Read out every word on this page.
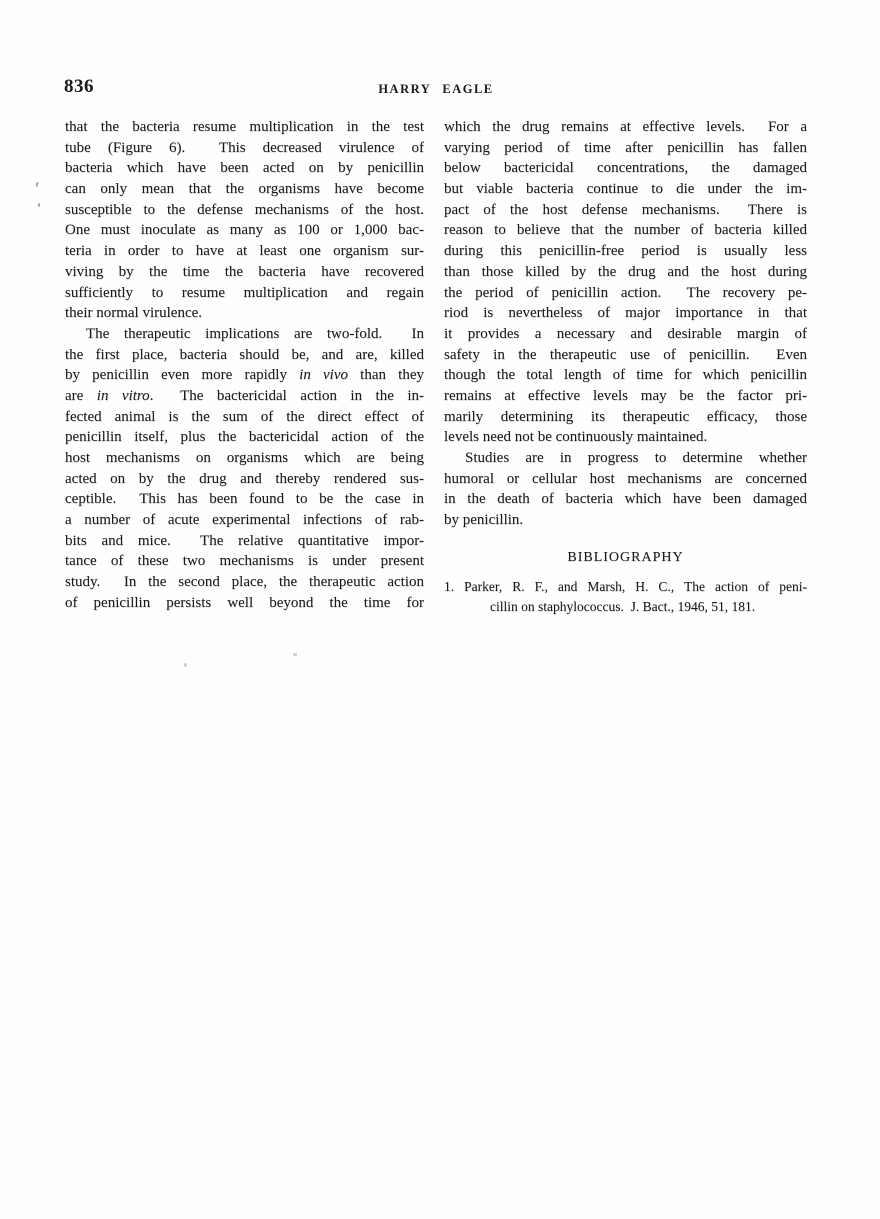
836	HARRY EAGLE
that the bacteria resume multiplication in the test
tube (Figure 6).  This decreased virulence of
bacteria which have been acted on by penicillin
can only mean that the organisms have become
susceptible to the defense mechanisms of the host.
One must inoculate as many as 100 or 1,000 bac-
teria in order to have at least one organism sur-
viving by the time the bacteria have recovered
sufficiently to resume multiplication and regain
their normal virulence.
The therapeutic implications are two-fold.  In
the first place, bacteria should be, and are, killed
by penicillin even more rapidly in vivo than they
are in vitro.  The bactericidal action in the in-
fected animal is the sum of the direct effect of
penicillin itself, plus the bactericidal action of the
host mechanisms on organisms which are being
acted on by the drug and thereby rendered sus-
ceptible.  This has been found to be the case in
a number of acute experimental infections of rab-
bits and mice.  The relative quantitative impor-
tance of these two mechanisms is under present
study.  In the second place, the therapeutic action
of penicillin persists well beyond the time for
which the drug remains at effective levels.  For a
varying period of time after penicillin has fallen
below bactericidal concentrations, the damaged
but viable bacteria continue to die under the im-
pact of the host defense mechanisms.  There is
reason to believe that the number of bacteria killed
during this penicillin-free period is usually less
than those killed by the drug and the host during
the period of penicillin action.  The recovery pe-
riod is nevertheless of major importance in that
it provides a necessary and desirable margin of
safety in the therapeutic use of penicillin.  Even
though the total length of time for which penicillin
remains at effective levels may be the factor pri-
marily determining its therapeutic efficacy, those
levels need not be continuously maintained.
Studies are in progress to determine whether
humoral or cellular host mechanisms are concerned
in the death of bacteria which have been damaged
by penicillin.
BIBLIOGRAPHY
1. Parker, R. F., and Marsh, H. C., The action of peni-
cillin on staphylococcus.  J. Bact., 1946, 51, 181.
